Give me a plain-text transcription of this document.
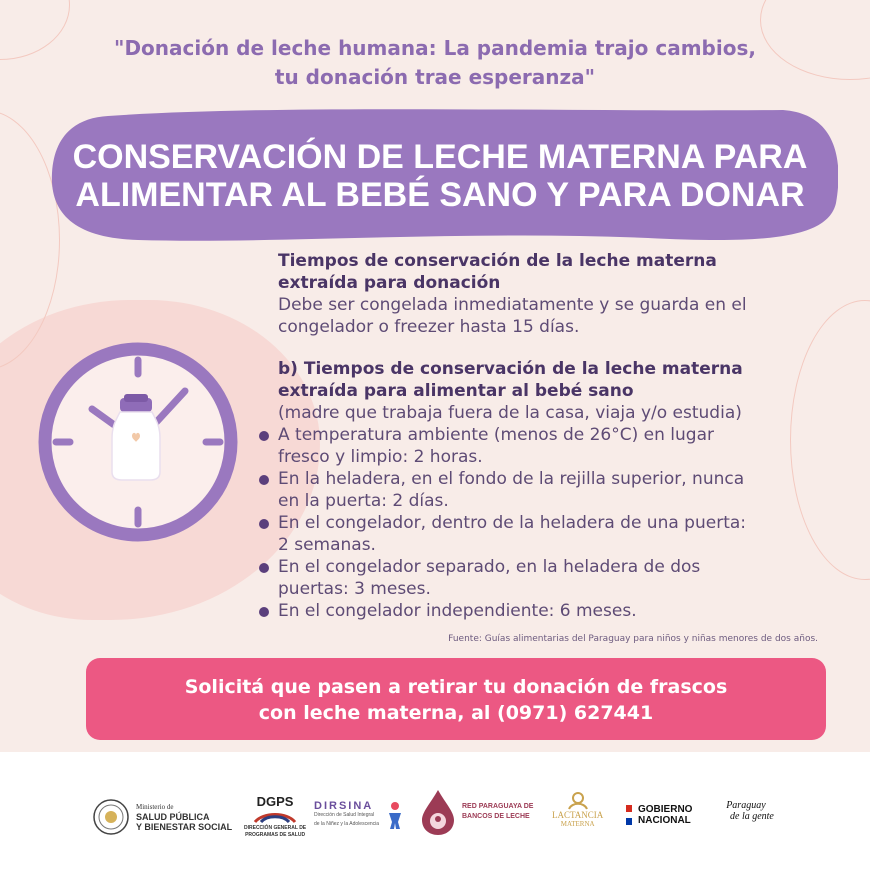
"Donación de leche humana: La pandemia trajo cambios,
tu donación trae esperanza"
CONSERVACIÓN DE LECHE MATERNA PARA
ALIMENTAR AL BEBÉ SANO Y PARA DONAR
Tiempos de conservación de la leche materna
extraída para donación
Debe ser congelada inmediatamente y se guarda en el
congelador o freezer hasta 15 días.
b) Tiempos de conservación de la leche materna
extraída para alimentar al bebé sano
(madre que trabaja fuera de la casa, viaja y/o estudia)
A temperatura ambiente (menos de 26°C) en lugar
fresco y limpio: 2 horas.
En la heladera, en el fondo de la rejilla superior, nunca
en la puerta: 2 días.
En el congelador, dentro de la heladera de una puerta:
2 semanas.
En el congelador separado, en la heladera de dos
puertas: 3 meses.
En el congelador independiente: 6 meses.
Fuente: Guías alimentarias del Paraguay para niños y niñas menores de dos años.
Solicitá que pasen a retirar tu donación de frascos
con leche materna, al (0971) 627441
Ministerio de
SALUD PÚBLICA
Y BIENESTAR SOCIAL
DGPS
DIRECCIÓN GENERAL DE
PROGRAMAS DE SALUD
DIRSINA
Dirección de Salud Integral
de la Niñez y la Adolescencia
RED PARAGUAYA DE
BANCOS DE LECHE	LACTANCIA
MATERNA
GOBIERNO
NACIONAL
Paraguay
de la gente
